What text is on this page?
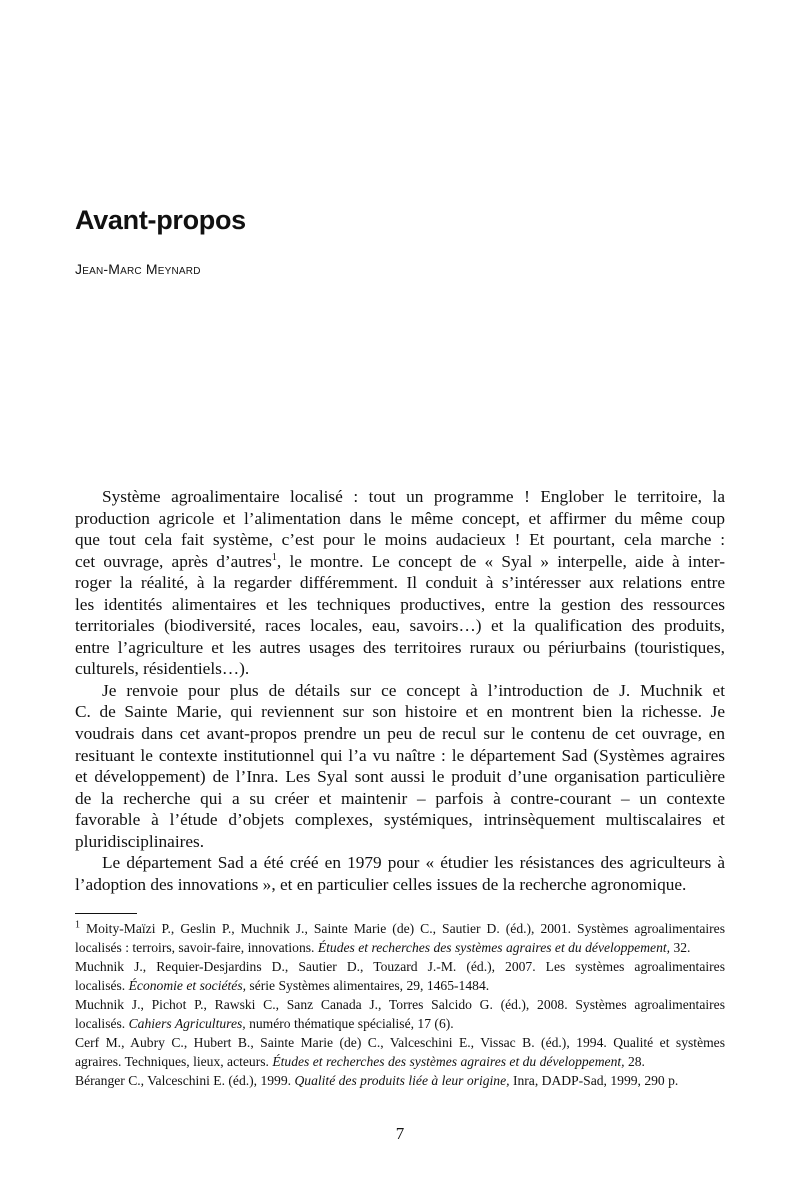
Avant-propos
Jean-Marc Meynard
Système agroalimentaire localisé : tout un programme ! Englober le territoire, la
production agricole et l’alimentation dans le même concept, et affirmer du même coup
que tout cela fait système, c’est pour le moins audacieux ! Et pourtant, cela marche :
cet ouvrage, après d’autres$^1$, le montre. Le concept de « Syal » interpelle, aide à inter-
roger la réalité, à la regarder différemment. Il conduit à s’intéresser aux relations entre
les identités alimentaires et les techniques productives, entre la gestion des ressources
territoriales (biodiversité, races locales, eau, savoirs…) et la qualification des produits,
entre l’agriculture et les autres usages des territoires ruraux ou périurbains (touristiques,
culturels, résidentiels…).
Je renvoie pour plus de détails sur ce concept à l’introduction de J. Muchnik et
C. de Sainte Marie, qui reviennent sur son histoire et en montrent bien la richesse. Je
voudrais dans cet avant-propos prendre un peu de recul sur le contenu de cet ouvrage, en
resituant le contexte institutionnel qui l’a vu naître : le département Sad (Systèmes agraires
et développement) de l’Inra. Les Syal sont aussi le produit d’une organisation particulière
de la recherche qui a su créer et maintenir – parfois à contre-courant – un contexte
favorable à l’étude d’objets complexes, systémiques, intrinsèquement multiscalaires et
pluridisciplinaires.
Le département Sad a été créé en 1979 pour « étudier les résistances des agriculteurs à
l’adoption des innovations », et en particulier celles issues de la recherche agronomique.
$^1$ Moity-Maïzi P., Geslin P., Muchnik J., Sainte Marie (de) C., Sautier D. (éd.), 2001. Systèmes agroalimentaires
localisés : terroirs, savoir-faire, innovations. Études et recherches des systèmes agraires et du développement, 32.
Muchnik J., Requier-Desjardins D., Sautier D., Touzard J.-M. (éd.), 2007. Les systèmes agroalimentaires
localisés. Économie et sociétés, série Systèmes alimentaires, 29, 1465-1484.
Muchnik J., Pichot P., Rawski C., Sanz Canada J., Torres Salcido G. (éd.), 2008. Systèmes agroalimentaires
localisés. Cahiers Agricultures, numéro thématique spécialisé, 17 (6).
Cerf M., Aubry C., Hubert B., Sainte Marie (de) C., Valceschini E., Vissac B. (éd.), 1994. Qualité et systèmes
agraires. Techniques, lieux, acteurs. Études et recherches des systèmes agraires et du développement, 28.
Béranger C., Valceschini E. (éd.), 1999. Qualité des produits liée à leur origine, Inra, DADP-Sad, 1999, 290 p.
7
